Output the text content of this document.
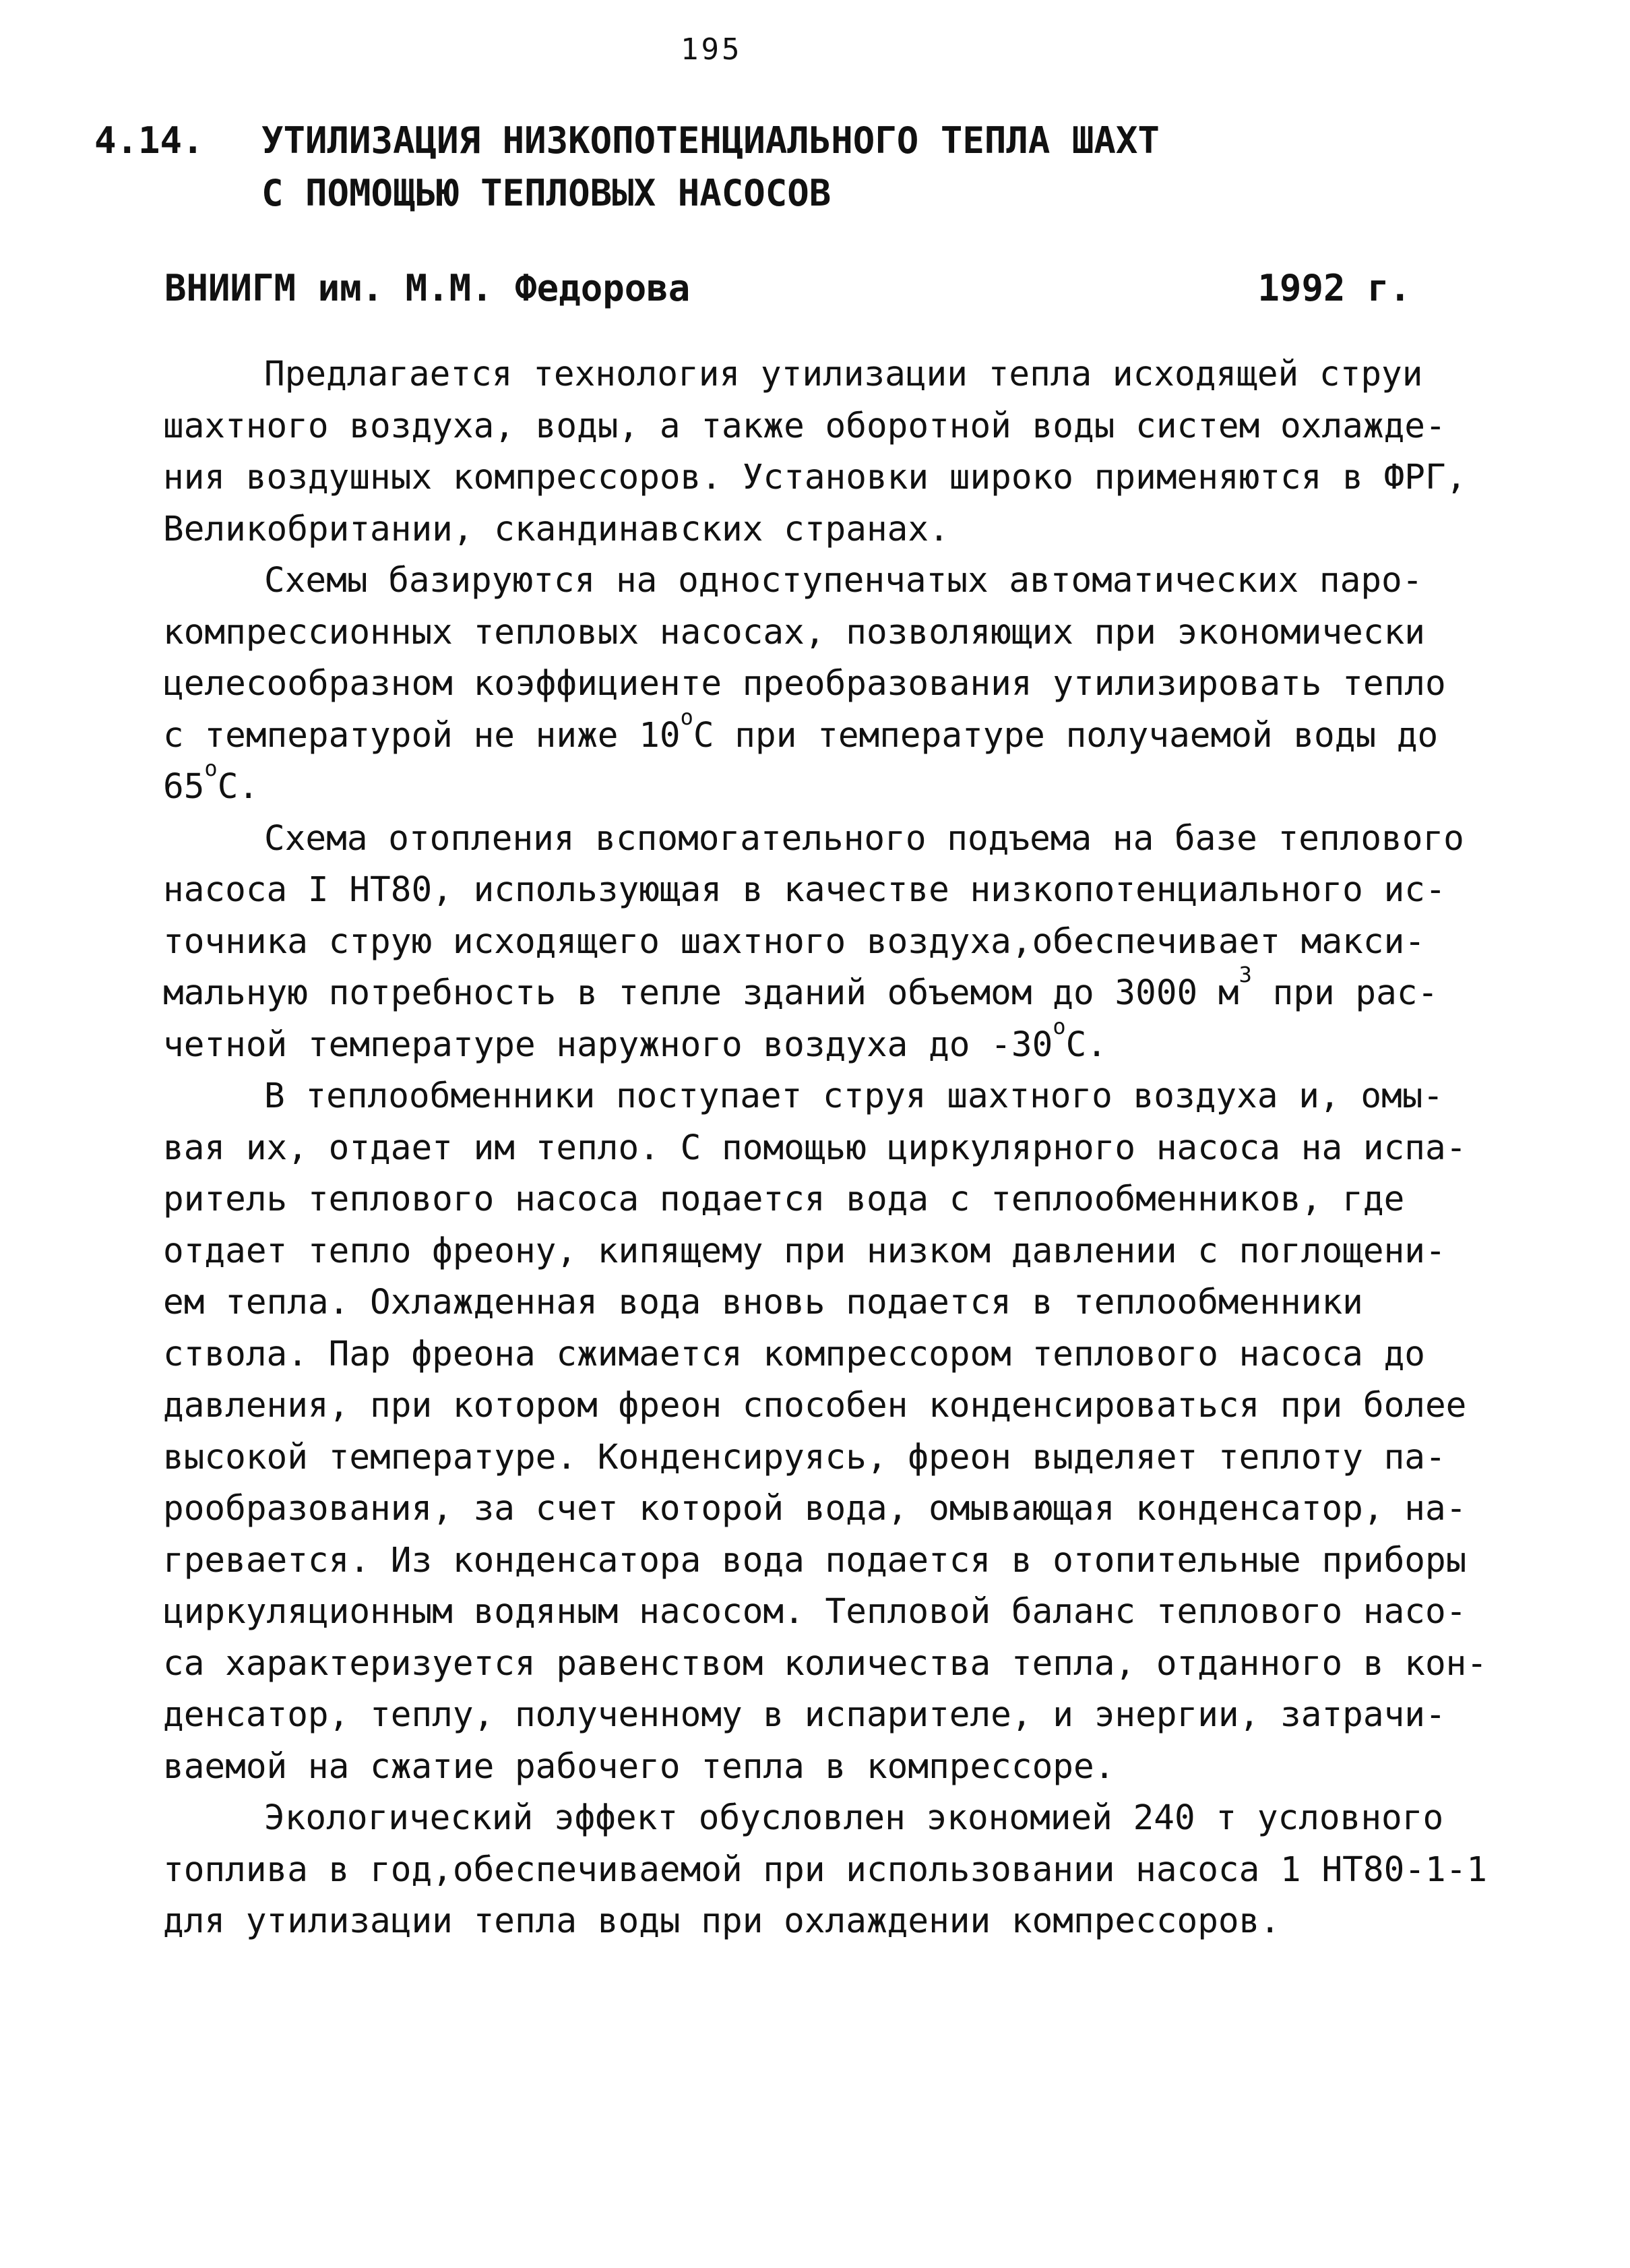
195
4.14. УТИЛИЗАЦИЯ НИЗКОПОТЕНЦИАЛЬНОГО ТЕПЛА ШАХТ
С ПОМОЩЬЮ ТЕПЛОВЫХ НАСОСОВ
ВНИИГМ им. М.М. Федорова	1992 г.
Предлагается технология утилизации тепла исходящей струи
шахтного воздуха, воды, а также оборотной воды систем охлажде-
ния воздушных компрессоров. Установки широко применяются в ФРГ,
Великобритании, скандинавских странах.
Схемы базируются на одноступенчатых автоматических паро-
компрессионных тепловых насосах, позволяющих при экономически
целесообразном коэффициенте преобразования утилизировать тепло
с температурой не ниже $10^оС$ при температуре получаемой воды до
$65^оС$.
Схема отопления вспомогательного подъема на базе теплового
насоса I НТ80, использующая в качестве низкопотенциального ис-
точника струю исходящего шахтного воздуха,обеспечивает макси-
мальную потребность в тепле зданий объемом до 3000 $м^3$ при рас-
четной температуре наружного воздуха до $-30^оС$.
В теплообменники поступает струя шахтного воздуха и, омы-
вая их, отдает им тепло. С помощью циркулярного насоса на испа-
ритель теплового насоса подается вода с теплообменников, где
отдает тепло фреону, кипящему при низком давлении с поглощени-
ем тепла. Охлажденная вода вновь подается в теплообменники
ствола. Пар фреона сжимается компрессором теплового насоса до
давления, при котором фреон способен конденсироваться при более
высокой температуре. Конденсируясь, фреон выделяет теплоту па-
рообразования, за счет которой вода, омывающая конденсатор, на-
гревается. Из конденсатора вода подается в отопительные приборы
циркуляционным водяным насосом. Тепловой баланс теплового насо-
са характеризуется равенством количества тепла, отданного в кон-
денсатор, теплу, полученному в испарителе, и энергии, затрачи-
ваемой на сжатие рабочего тепла в компрессоре.
Экологический эффект обусловлен экономией 240 т условного
топлива в год,обеспечиваемой при использовании насоса 1 НТ80-1-1
для утилизации тепла воды при охлаждении компрессоров.
